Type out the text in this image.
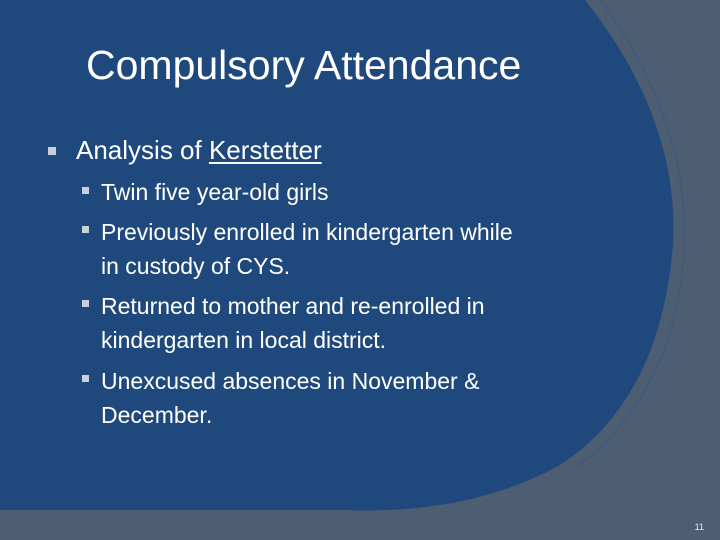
Compulsory Attendance
Analysis of Kerstetter
Twin five year-old girls
Previously enrolled in kindergarten while
in custody of CYS.
Returned to mother and re-enrolled in
kindergarten in local district.
Unexcused absences in November &
December.
11
